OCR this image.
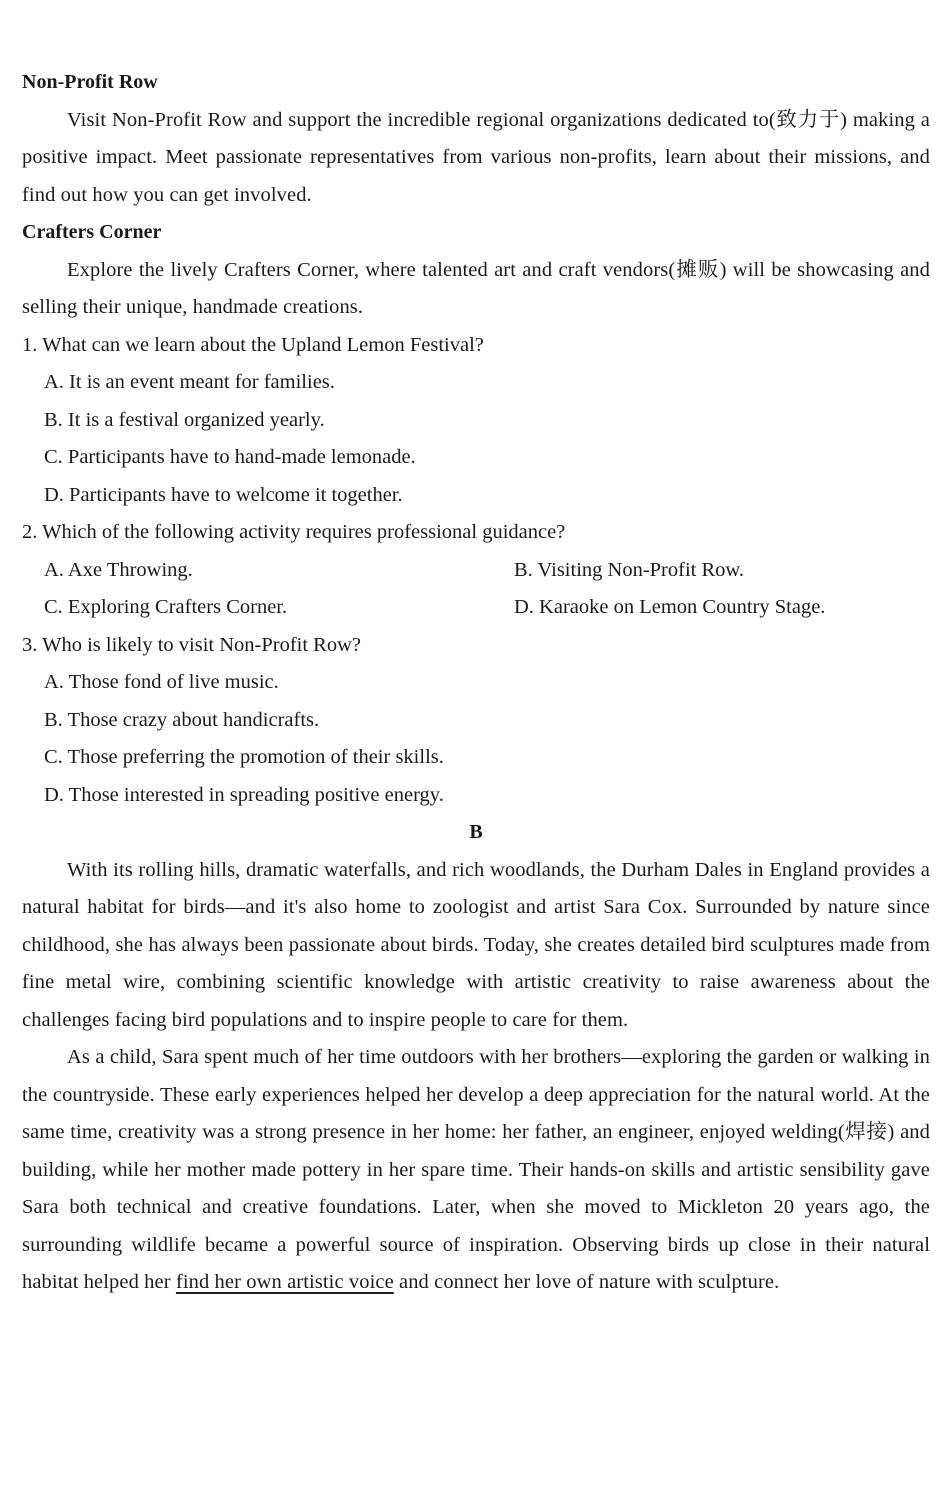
Non-Profit Row

Visit Non-Profit Row and support the incredible regional organizations dedicated to(致力于) making a positive impact. Meet passionate representatives from various non-profits, learn about their missions, and find out how you can get involved.

Crafters Corner

Explore the lively Crafters Corner, where talented art and craft vendors(摊贩) will be showcasing and selling their unique, handmade creations.

1. What can we learn about the Upland Lemon Festival?

A. It is an event meant for families.

B. It is a festival organized yearly.

C. Participants have to hand-made lemonade.

D. Participants have to welcome it together.

2. Which of the following activity requires professional guidance?

A. Axe Throwing.	B. Visiting Non-Profit Row.
C. Exploring Crafters Corner.	D. Karaoke on Lemon Country Stage.

3. Who is likely to visit Non-Profit Row?

A. Those fond of live music.

B. Those crazy about handicrafts.

C. Those preferring the promotion of their skills.

D. Those interested in spreading positive energy.

B

With its rolling hills, dramatic waterfalls, and rich woodlands, the Durham Dales in England provides a natural habitat for birds—and it's also home to zoologist and artist Sara Cox. Surrounded by nature since childhood, she has always been passionate about birds. Today, she creates detailed bird sculptures made from fine metal wire, combining scientific knowledge with artistic creativity to raise awareness about the challenges facing bird populations and to inspire people to care for them.

As a child, Sara spent much of her time outdoors with her brothers—exploring the garden or walking in the countryside. These early experiences helped her develop a deep appreciation for the natural world. At the same time, creativity was a strong presence in her home: her father, an engineer, enjoyed welding(焊接) and building, while her mother made pottery in her spare time. Their hands-on skills and artistic sensibility gave Sara both technical and creative foundations. Later, when she moved to Mickleton 20 years ago, the surrounding wildlife became a powerful source of inspiration. Observing birds up close in their natural habitat helped her find her own artistic voice and connect her love of nature with sculpture.
